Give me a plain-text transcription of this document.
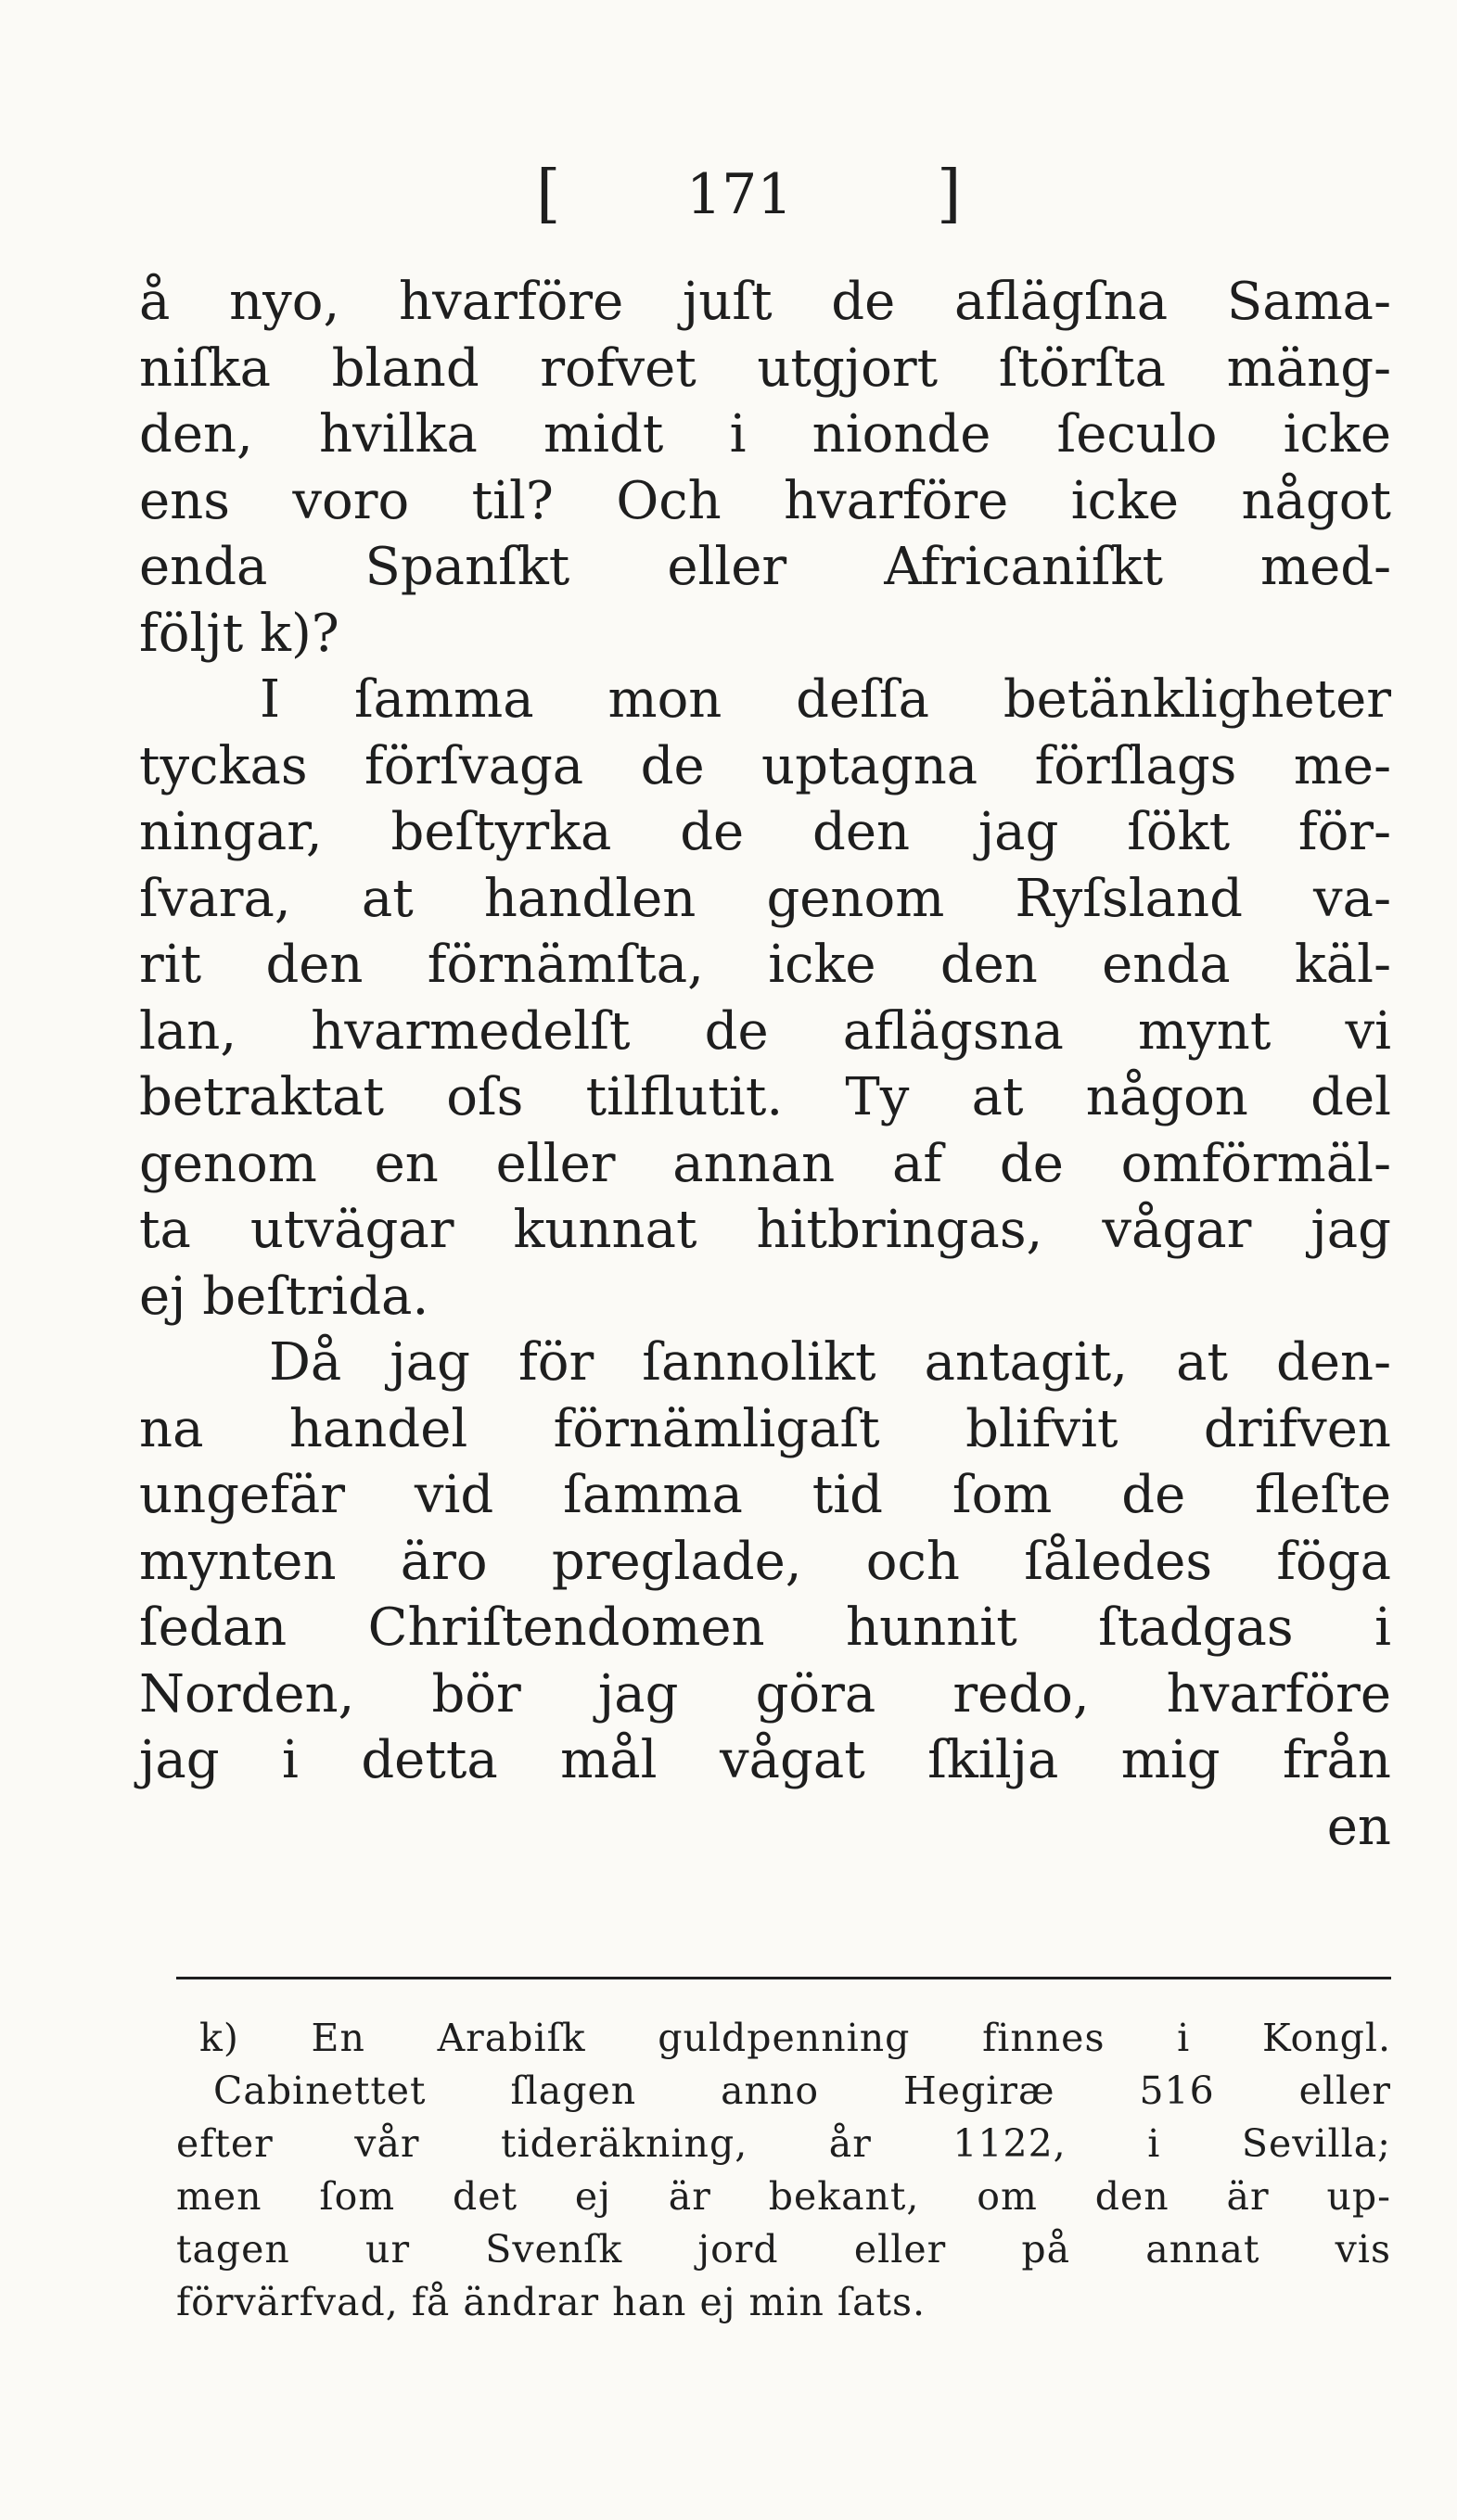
[ 171 ]
å nyo, hvarföre juſt de aflägſna Sama-
niſka bland rofvet utgjort ſtörſta mäng-
den, hvilka midt i nionde ſeculo icke
ens voro til? Och hvarföre icke något
enda Spanſkt eller Africaniſkt med-
följt k)?
I ſamma mon deſſa betänkligheter
tyckas förſvaga de uptagna förſlags me-
ningar, beſtyrka de den jag ſökt för-
ſvara, at handlen genom Ryſsland va-
rit den förnämſta, icke den enda käl-
lan, hvarmedelſt de aflägsna mynt vi
betraktat oſs tilflutit. Ty at någon del
genom en eller annan af de omförmäl-
ta utvägar kunnat hitbringas, vågar jag
ej beſtrida.
Då jag för ſannolikt antagit, at den-
na handel förnämligaſt blifvit drifven
ungefär vid ſamma tid ſom de fleſte
mynten äro preglade, och ſåledes föga
ſedan Chriſtendomen hunnit ſtadgas i
Norden, bör jag göra redo, hvarföre
jag i detta mål vågat ſkilja mig från
en
k) En Arabiſk guldpenning finnes i Kongl.
Cabinettet ſlagen anno Hegiræ 516 eller
efter vår tideräkning, år 1122, i Sevilla;
men ſom det ej är bekant, om den är up-
tagen ur Svenſk jord eller på annat vis
förvärfvad, få ändrar han ej min ſats.
